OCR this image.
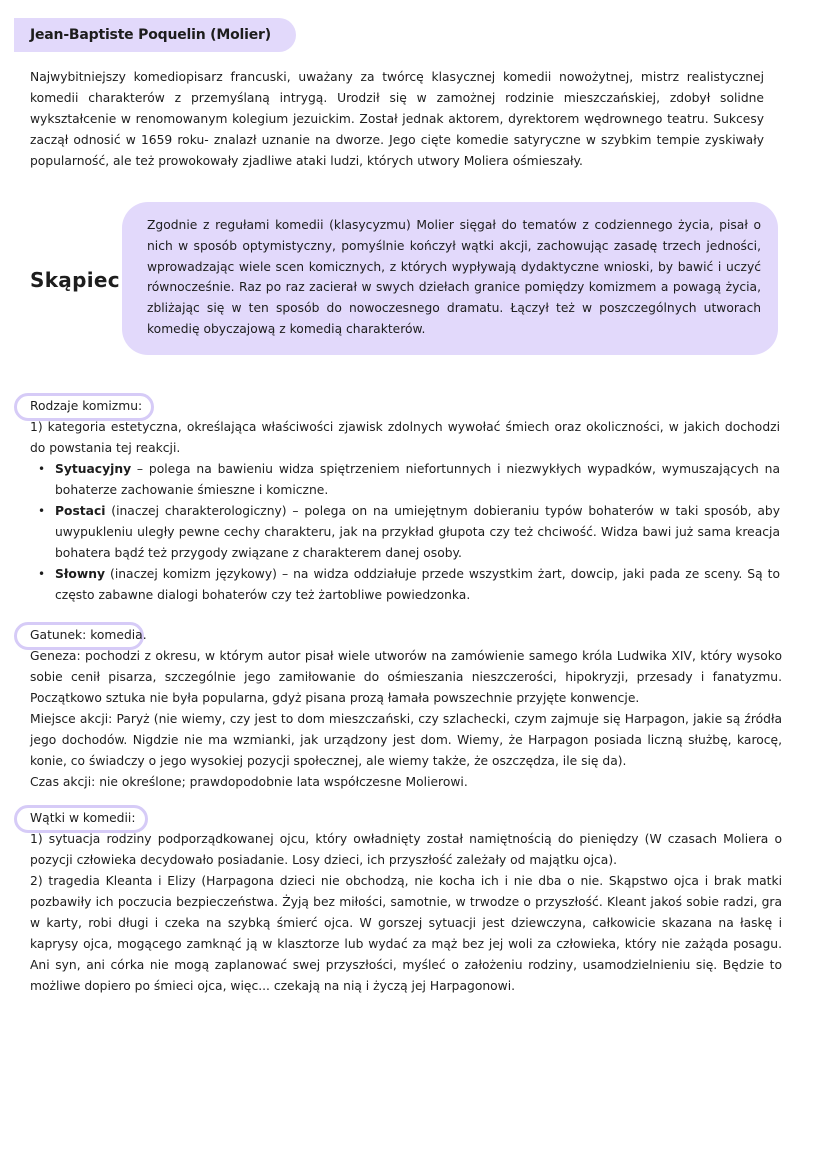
Jean-Baptiste Poquelin (Molier)
Najwybitniejszy komediopisarz francuski, uważany za twórcę klasycznej komedii nowożytnej, mistrz realistycznej komedii charakterów z przemyślaną intrygą. Urodził się w zamożnej rodzinie mieszczańskiej, zdobył solidne wykształcenie w renomowanym kolegium jezuickim. Został jednak aktorem, dyrektorem wędrownego teatru. Sukcesy zaczął odnosić w 1659 roku- znalazł uznanie na dworze. Jego cięte komedie satyryczne w szybkim tempie zyskiwały popularność, ale też prowokowały zjadliwe ataki ludzi, których utwory Moliera ośmieszały.
Skąpiec
Zgodnie z regułami komedii (klasycyzmu) Molier sięgał do tematów z codziennego życia, pisał o nich w sposób optymistyczny, pomyślnie kończył wątki akcji, zachowując zasadę trzech jedności, wprowadzając wiele scen komicznych, z których wypływają dydaktyczne wnioski, by bawić i uczyć równocześnie. Raz po raz zacierał w swych dziełach granice pomiędzy komizmem a powagą życia, zbliżając się w ten sposób do nowoczesnego dramatu. Łączył też w poszczególnych utworach komedię obyczajową z komedią charakterów.
Rodzaje komizmu:
1) kategoria estetyczna, określająca właściwości zjawisk zdolnych wywołać śmiech oraz okoliczności, w jakich dochodzi do powstania tej reakcji.
• Sytuacyjny – polega na bawieniu widza spiętrzeniem niefortunnych i niezwykłych wypadków, wymuszających na bohaterze zachowanie śmieszne i komiczne.
• Postaci (inaczej charakterologiczny) – polega on na umiejętnym dobieraniu typów bohaterów w taki sposób, aby uwypukleniu uległy pewne cechy charakteru, jak na przykład głupota czy też chciwość. Widza bawi już sama kreacja bohatera bądź też przygody związane z charakterem danej osoby.
• Słowny (inaczej komizm językowy) – na widza oddziałuje przede wszystkim żart, dowcip, jaki pada ze sceny. Są to często zabawne dialogi bohaterów czy też żartobliwe powiedzonka.
Gatunek: komedia.
Geneza: pochodzi z okresu, w którym autor pisał wiele utworów na zamówienie samego króla Ludwika XIV, który wysoko sobie cenił pisarza, szczególnie jego zamiłowanie do ośmieszania nieszczerości, hipokryzji, przesady i fanatyzmu. Początkowo sztuka nie była popularna, gdyż pisana prozą łamała powszechnie przyjęte konwencje.
Miejsce akcji: Paryż (nie wiemy, czy jest to dom mieszczański, czy szlachecki, czym zajmuje się Harpagon, jakie są źródła jego dochodów. Nigdzie nie ma wzmianki, jak urządzony jest dom. Wiemy, że Harpagon posiada liczną służbę, karocę, konie, co świadczy o jego wysokiej pozycji społecznej, ale wiemy także, że oszczędza, ile się da).
Czas akcji: nie określone; prawdopodobnie lata współczesne Molierowi.
Wątki w komedii:
1) sytuacja rodziny podporządkowanej ojcu, który owładnięty został namiętnością do pieniędzy (W czasach Moliera o pozycji człowieka decydowało posiadanie. Losy dzieci, ich przyszłość zależały od majątku ojca).
2) tragedia Kleanta i Elizy (Harpagona dzieci nie obchodzą, nie kocha ich i nie dba o nie. Skąpstwo ojca i brak matki pozbawiły ich poczucia bezpieczeństwa. Żyją bez miłości, samotnie, w trwodze o przyszłość. Kleant jakoś sobie radzi, gra w karty, robi długi i czeka na szybką śmierć ojca. W gorszej sytuacji jest dziewczyna, całkowicie skazana na łaskę i kaprysy ojca, mogącego zamknąć ją w klasztorze lub wydać za mąż bez jej woli za człowieka, który nie zażąda posagu. Ani syn, ani córka nie mogą zaplanować swej przyszłości, myśleć o założeniu rodziny, usamodzielnieniu się. Będzie to możliwe dopiero po śmieci ojca, więc... czekają na nią i życzą jej Harpagonowi.
